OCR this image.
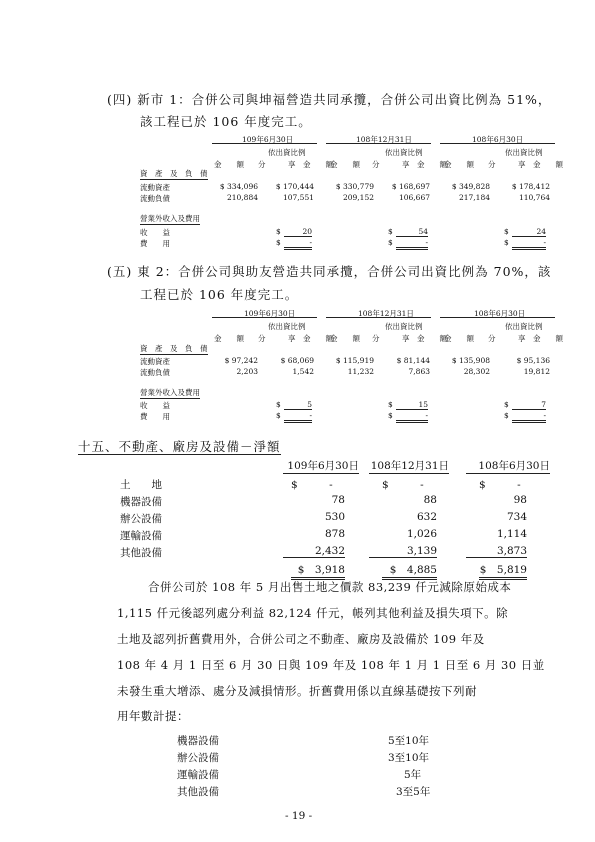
(四) 新市 1：合併公司與坤福營造共同承攬，合併公司出資比例為 51%，
該工程已於 106 年度完工。
109年6月30日	108年12月31日	108年6月30日
依出資比例	依出資比例	依出資比例
金　　額 分　　　享　金　　額
金　　額 分　　　享　金　　額
金　　額 分　　　享　金　　額
資　產　及　負　債
流動資產	$ 334,096	$ 170,444	$ 330,779	$ 168,697	$ 349,828	$ 178,412
流動負債	210,884	107,551	209,152	106,667	217,184	110,764
營業外收入及費用
收　　益	$	20	$	54	$	24
費　　用	$	-	$	-	$	-
(五) 東 2：合併公司與助友營造共同承攬，合併公司出資比例為 70%，該
工程已於 106 年度完工。
109年6月30日	108年12月31日	108年6月30日
依出資比例	依出資比例	依出資比例
金　　額 分　　　享　金　　額
金　　額 分　　　享　金　　額
金　　額 分　　　享　金　　額
資　產　及　負　債
流動資產	$ 97,242	$ 68,069	$ 115,919	$ 81,144	$ 135,908	$ 95,136
流動負債	2,203	1,542	11,232	7,863	28,302	19,812
營業外收入及費用
收　　益	$	5	$	15	$	7
費　　用	$	-	$	-	$	-
十五、不動產、廠房及設備－淨額
109年6月30日 108年12月31日	108年6月30日
土　　地	$　　　-	$　　　-	$　　　-
機器設備	78	88	98
辦公設備	530	632	734
運輸設備	878	1,026	1,114
其他設備	2,432	3,139	3,873
$　3,918	$　4,885	$　5,819
合併公司於 108 年 5 月出售土地之價款 83,239 仟元減除原始成本
1,115 仟元後認列處分利益 82,124 仟元，帳列其他利益及損失項下。除
土地及認列折舊費用外，合併公司之不動產、廠房及設備於 109 年及
108 年 4 月 1 日至 6 月 30 日與 109 年及 108 年 1 月 1 日至 6 月 30 日並
未發生重大增添、處分及減損情形。折舊費用係以直線基礎按下列耐
用年數計提：
機器設備	5至10年
辦公設備	3至10年
運輸設備	5年
其他設備	3至5年
- 19 -
